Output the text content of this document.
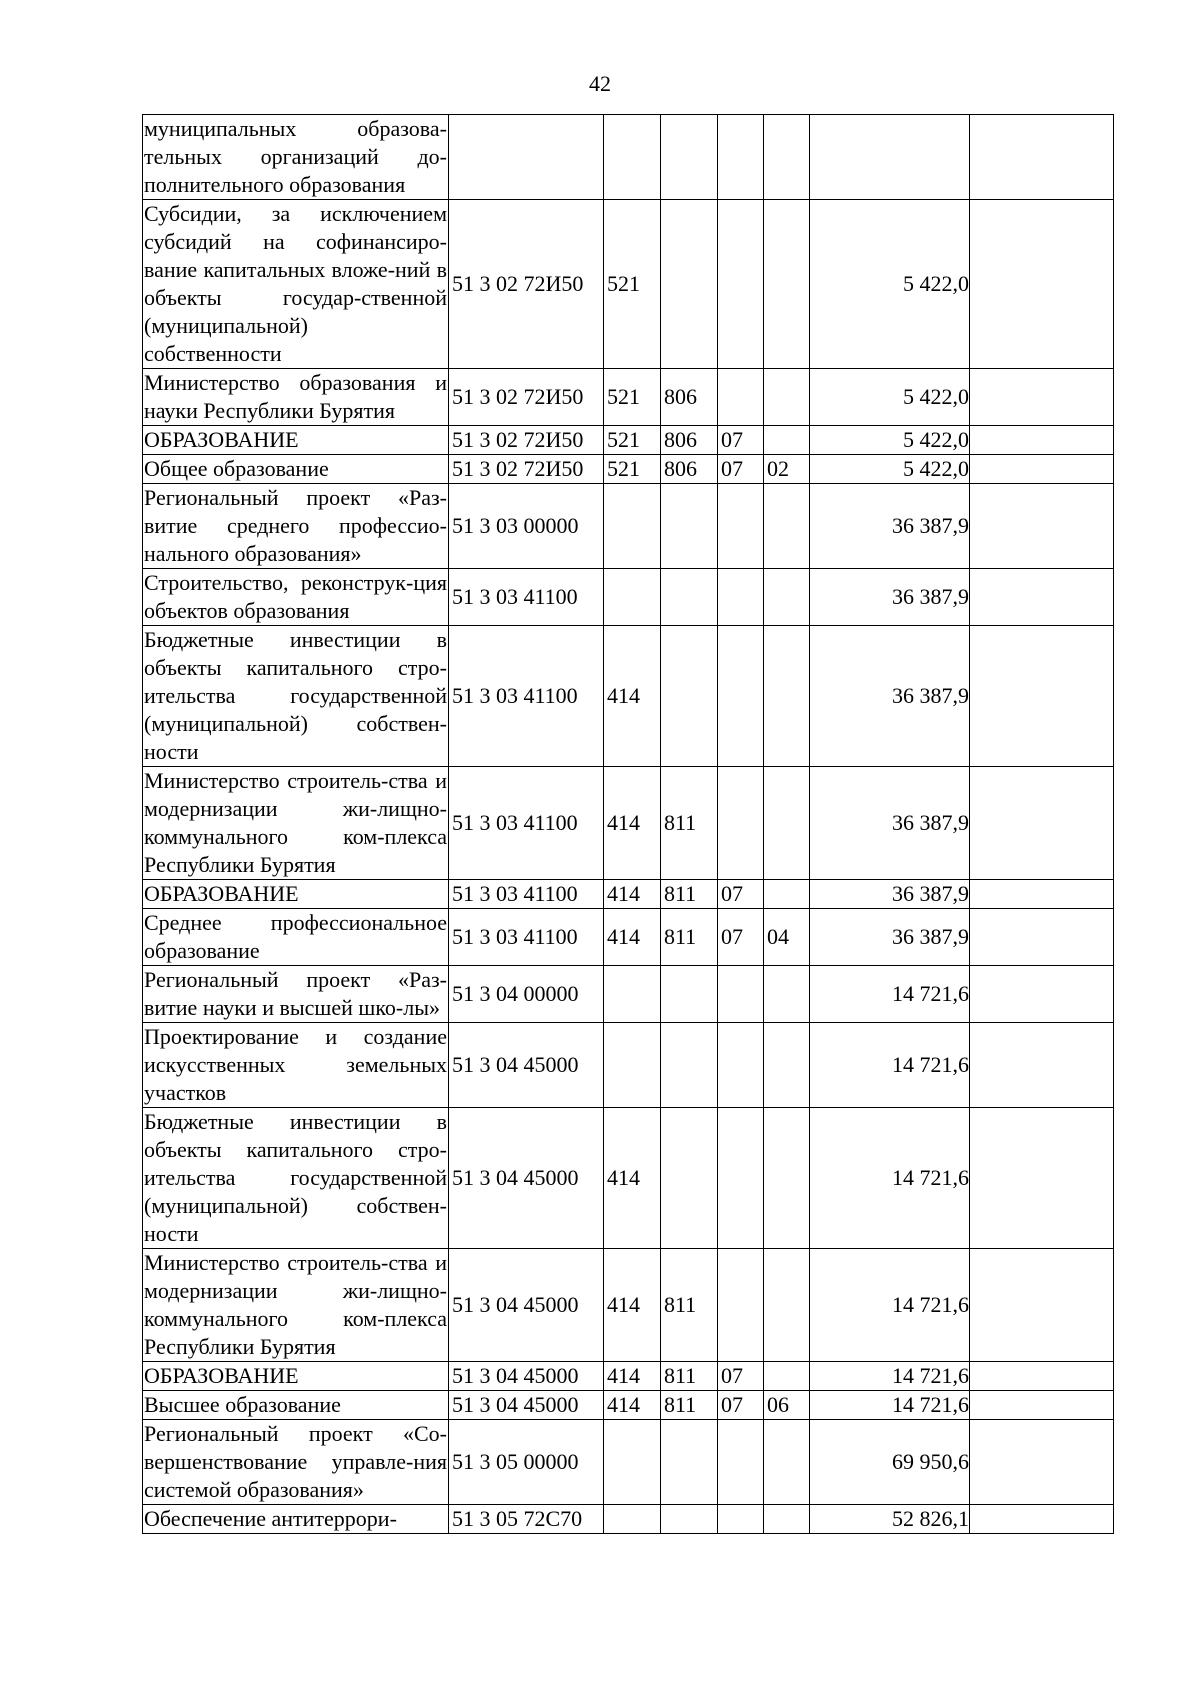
42
муниципальных образова-тельных организаций до-полнительного образования							
Субсидии, за исключением субсидий на софинансиро-вание капитальных вложе-ний в объекты государ-ственной (муниципальной) собственности	51 3 02 72И50	521				5 422,0	
Министерство образования и науки Республики Бурятия	51 3 02 72И50	521	806			5 422,0	
ОБРАЗОВАНИЕ	51 3 02 72И50	521	806	07		5 422,0	
Общее образование	51 3 02 72И50	521	806	07	02	5 422,0	
Региональный проект «Раз-витие среднего профессио-нального образования»	51 3 03 00000					36 387,9	
Строительство, реконструк-ция объектов образования	51 3 03 41100					36 387,9	
Бюджетные инвестиции в объекты капитального стро-ительства государственной (муниципальной) собствен-ности	51 3 03 41100	414				36 387,9	
Министерство строитель-ства и модернизации жи-лищно-коммунального ком-плекса Республики Бурятия	51 3 03 41100	414	811			36 387,9	
ОБРАЗОВАНИЕ	51 3 03 41100	414	811	07		36 387,9	
Среднее профессиональное образование	51 3 03 41100	414	811	07	04	36 387,9	
Региональный проект «Раз-витие науки и высшей шко-лы»	51 3 04 00000					14 721,6	
Проектирование и создание искусственных земельных участков	51 3 04 45000					14 721,6	
Бюджетные инвестиции в объекты капитального стро-ительства государственной (муниципальной) собствен-ности	51 3 04 45000	414				14 721,6	
Министерство строитель-ства и модернизации жи-лищно-коммунального ком-плекса Республики Бурятия	51 3 04 45000	414	811			14 721,6	
ОБРАЗОВАНИЕ	51 3 04 45000	414	811	07		14 721,6	
Высшее образование	51 3 04 45000	414	811	07	06	14 721,6	
Региональный проект «Со-вершенствование управле-ния системой образования»	51 3 05 00000					69 950,6	
Обеспечение антитеррори-	51 3 05 72С70					52 826,1	
